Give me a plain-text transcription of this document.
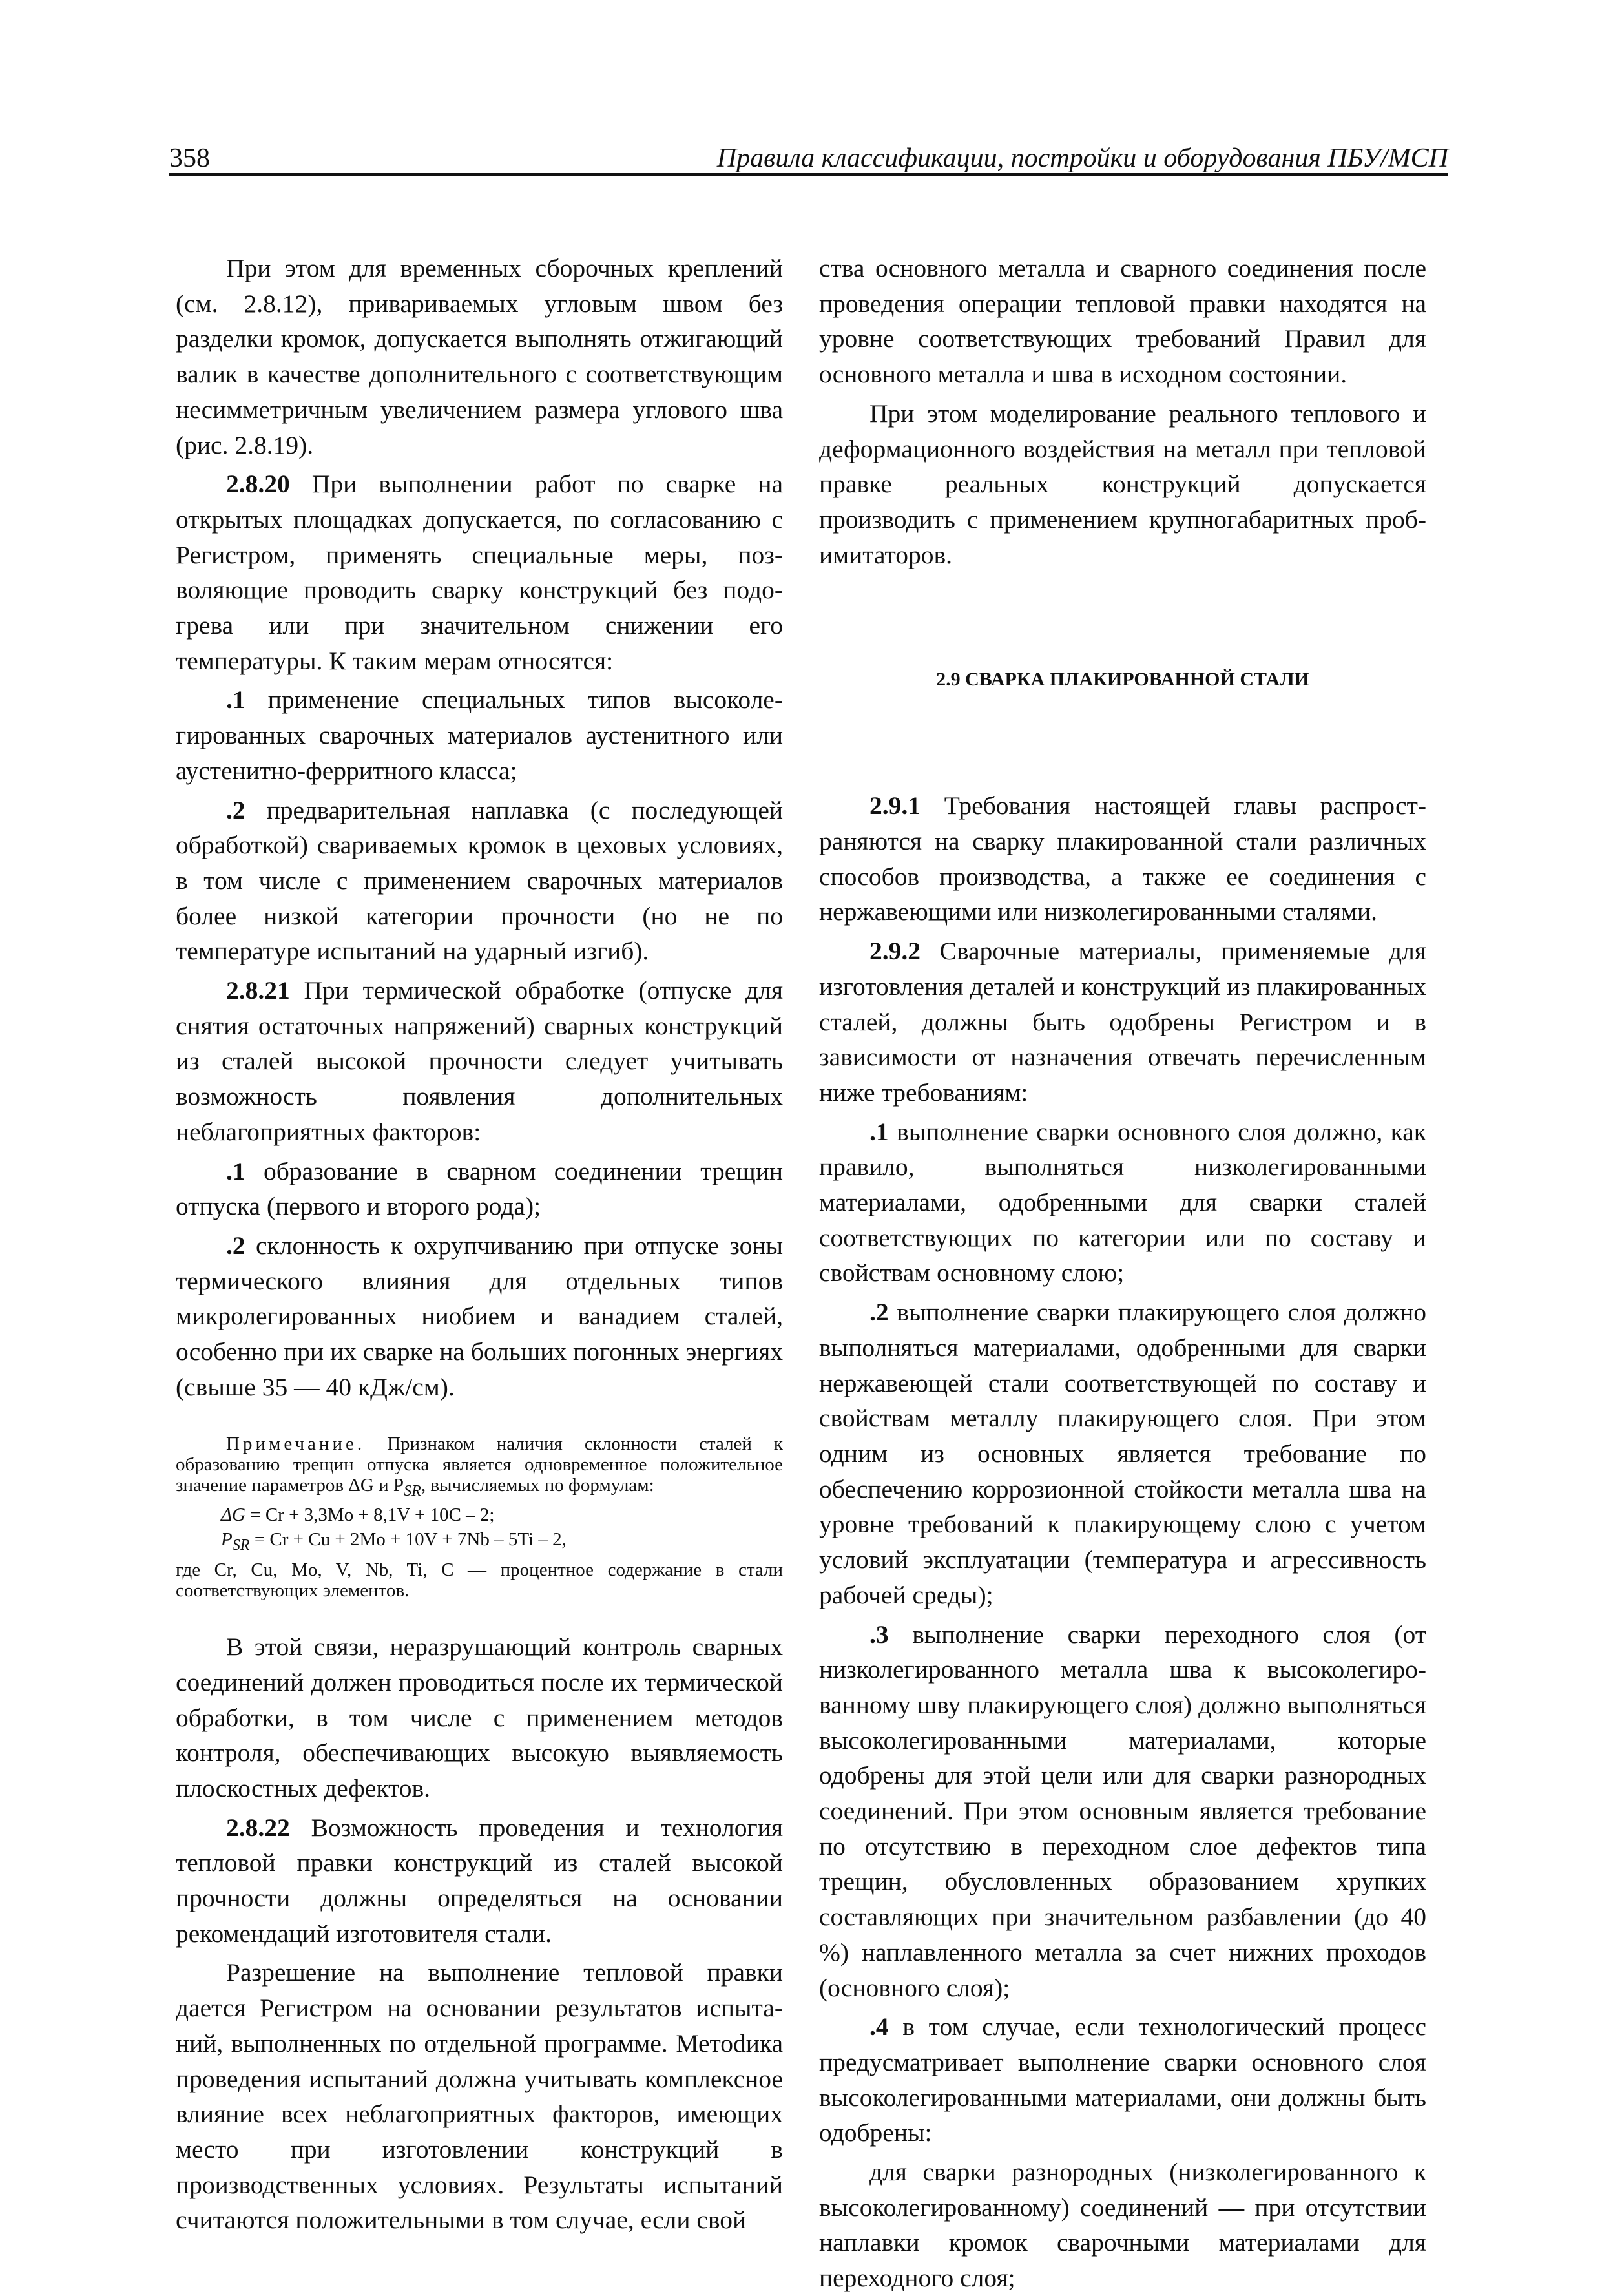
358	Правила классификации, постройки и оборудования ПБУ/МСП

При этом для временных сборочных креплений (см. 2.8.12), привариваемых угловым швом без разделки кромок, допускается выполнять отжигающий валик в качестве дополнительного с соответствующим несимметричным увеличением размера углового шва (рис. 2.8.19).

2.8.20 При выполнении работ по сварке на открытых площадках допускается, по согласованию с Регистром, применять специальные меры, позволяющие проводить сварку конструкций без подогрева или при значительном снижении его температуры. К таким мерам относятся:

.1 применение специальных типов высоколегированных сварочных материалов аустенитного или аустенитно-ферритного класса;

.2 предварительная наплавка (с последующей обработкой) свариваемых кромок в цеховых условиях, в том числе с применением сварочных материалов более низкой категории прочности (но не по температуре испытаний на ударный изгиб).

2.8.21 При термической обработке (отпуске для снятия остаточных напряжений) сварных конструкций из сталей высокой прочности следует учитывать возможность появления дополнительных неблагоприятных факторов:

.1 образование в сварном соединении трещин отпуска (первого и второго рода);

.2 склонность к охрупчиванию при отпуске зоны термического влияния для отдельных типов микролегированных ниобием и ванадием сталей, особенно при их сварке на больших погонных энергиях (свыше 35 — 40 кДж/см).

Примечание. Признаком наличия склонности сталей к образованию трещин отпуска является одновременное положительное значение параметров ΔG и $P_{SR}$, вычисляемых по формулам:

ΔG = Cr + 3,3Mo + 8,1V + 10C – 2;

$P_{SR} = Cr + Cu + 2Mo + 10V + 7Nb - 5Ti - 2$,

где Cr, Cu, Mo, V, Nb, Ti, C — процентное содержание в стали соответствующих элементов.

В этой связи, неразрушающий контроль сварных соединений должен проводиться после их термической обработки, в том числе с применением методов контроля, обеспечивающих высокую выявляемость плоскостных дефектов.

2.8.22 Возможность проведения и технология тепловой правки конструкций из сталей высокой прочности должны определяться на основании рекомендаций изготовителя стали.

Разрешение на выполнение тепловой правки дается Регистром на основании результатов испытаний, выполненных по отдельной программе. Метоdика проведения испытаний должна учитывать комплексное влияние всех неблагоприятных факторов, имеющих место при изготовлении конструкций в производственных условиях. Результаты испытаний считаются положительными в том случае, если свой

ства основного металла и сварного соединения после проведения операции тепловой правки находятся на уровне соответствующих требований Правил для основного металла и шва в исходном состоянии.

При этом моделирование реального теплового и деформационного воздействия на металл при тепловой правке реальных конструкций допускается производить с применением крупногабаритных проб-имитаторов.

2.9 СВАРКА ПЛАКИРОВАННОЙ СТАЛИ

2.9.1 Требования настоящей главы распространяются на сварку плакированной стали различных способов производства, а также ее соединения с нержавеющими или низколегированными сталями.

2.9.2 Сварочные материалы, применяемые для изготовления деталей и конструкций из плакированных сталей, должны быть одобрены Регистром и в зависимости от назначения отвечать перечисленным ниже требованиям:

.1 выполнение сварки основного слоя должно, как правило, выполняться низколегированными материалами, одобренными для сварки сталей соответствующих по категории или по составу и свойствам основному слою;

.2 выполнение сварки плакирующего слоя должно выполняться материалами, одобренными для сварки нержавеющей стали соответствующей по составу и свойствам металлу плакирующего слоя. При этом одним из основных является требование по обеспечению коррозионной стойкости металла шва на уровне требований к плакирующему слою с учетом условий эксплуатации (температура и агрессивность рабочей среды);

.3 выполнение сварки переходного слоя (от низколегированного металла шва к высоколегированному шву плакирующего слоя) должно выполняться высоколегированными материалами, которые одобрены для этой цели или для сварки разнородных соединений. При этом основным является требование по отсутствию в переходном слое дефектов типа трещин, обусловленных образованием хрупких составляющих при значительном разбавлении (до 40 %) наплавленного металла за счет нижних проходов (основного слоя);

.4 в том случае, если технологический процесс предусматривает выполнение сварки основного слоя высоколегированными материалами, они должны быть одобрены:

для сварки разнородных (низколегированного к высоколегированному) соединений — при отсутствии наплавки кромок сварочными материалами для переходного слоя;
